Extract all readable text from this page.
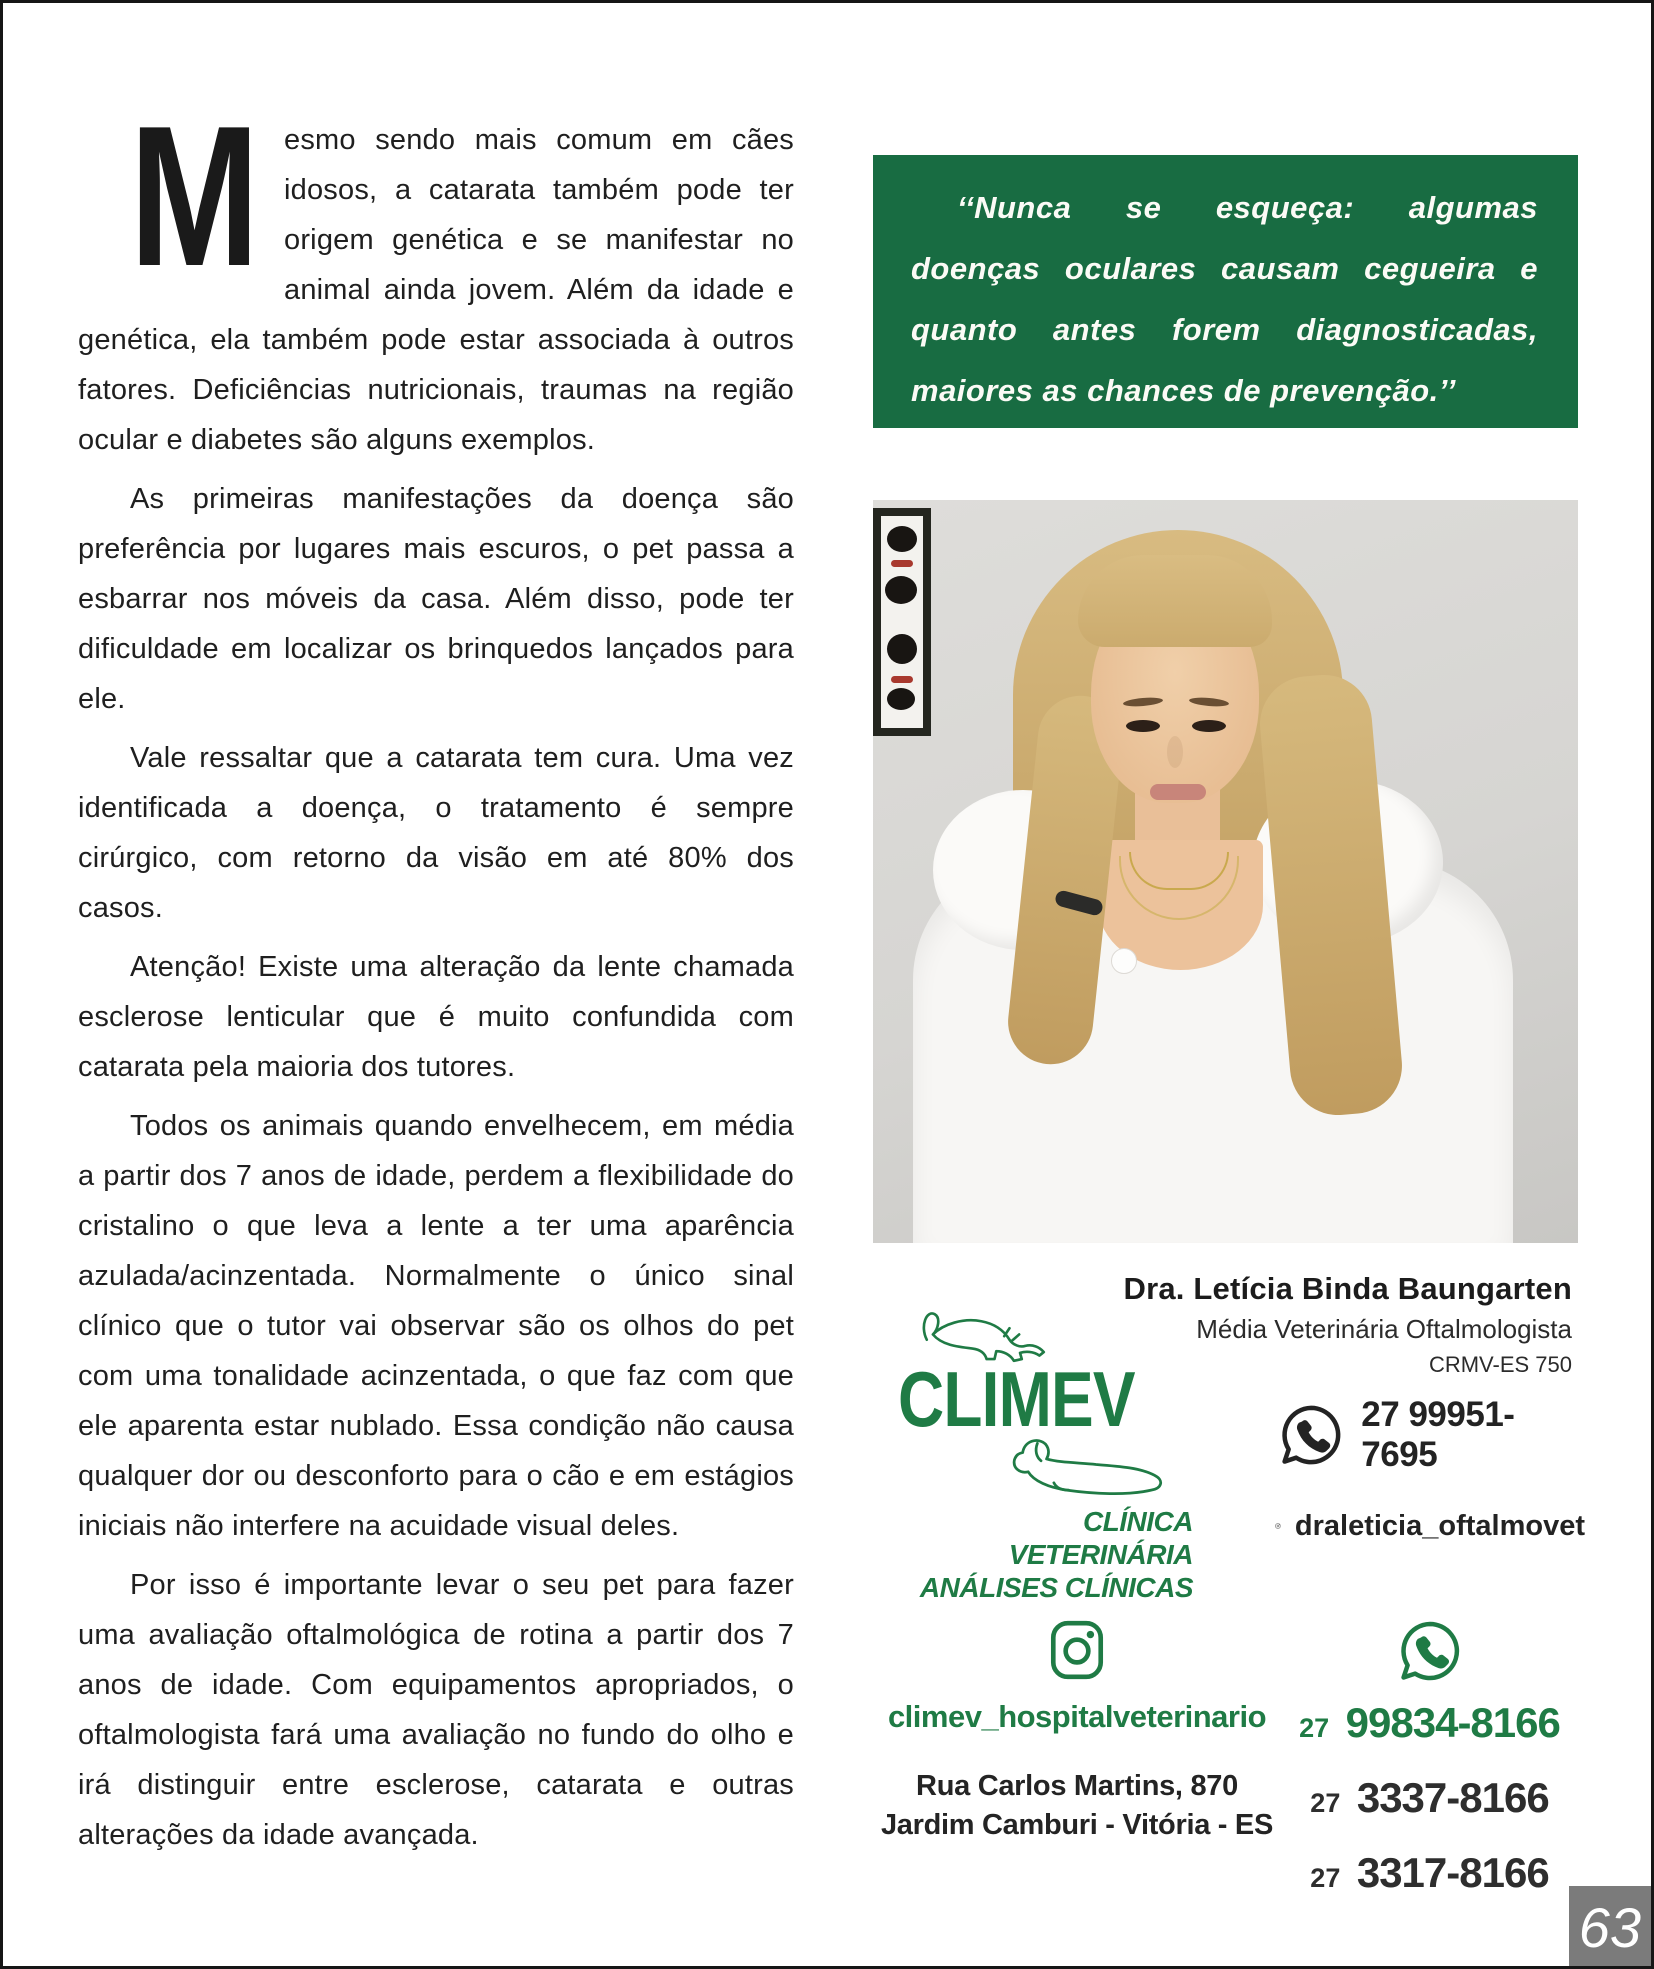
M esmo sendo mais comum em cães idosos, a catarata também pode ter origem genética e se manifestar no animal ainda jovem. Além da idade e genética, ela também pode estar associada à outros fatores. Deficiências nutricionais, traumas na região ocular e diabetes são alguns exemplos.

As primeiras manifestações da doença são preferência por lugares mais escuros, o pet passa a esbarrar nos móveis da casa. Além disso, pode ter dificuldade em localizar os brinquedos lançados para ele.

Vale ressaltar que a catarata tem cura. Uma vez identificada a doença, o tratamento é sempre cirúrgico, com retorno da visão em até 80% dos casos.

Atenção! Existe uma alteração da lente chamada esclerose lenticular que é muito confundida com catarata pela maioria dos tutores.

Todos os animais quando envelhecem, em média a partir dos 7 anos de idade, perdem a flexibilidade do cristalino o que leva a lente a ter uma aparência azulada/acinzentada. Normalmente o único sinal clínico que o tutor vai observar são os olhos do pet com uma tonalidade acinzentada, o que faz com que ele aparenta estar nublado. Essa condição não causa qualquer dor ou desconforto para o cão e em estágios iniciais não interfere na acuidade visual deles.

Por isso é importante levar o seu pet para fazer uma avaliação oftalmológica de rotina a partir dos 7 anos de idade. Com equipamentos apropriados, o oftalmologista fará uma avaliação no fundo do olho e irá distinguir entre esclerose, catarata e outras alterações da idade avançada.

‘‘Nunca se esqueça: algumas doenças oculares causam cegueira e quanto antes forem diagnosticadas, maiores as chances de prevenção.’’

Dra. Letícia Binda Baungarten
Média Veterinária Oftalmologista
CRMV-ES 750
CLIMEV
CLÍNICA VETERINÁRIA
ANÁLISES CLÍNICAS
27 99951-7695
draleticia_oftalmovet
climev_hospitalveterinario
Rua Carlos Martins, 870
Jardim Camburi - Vitória - ES
27 99834-8166
27 3337-8166
27 3317-8166
63
